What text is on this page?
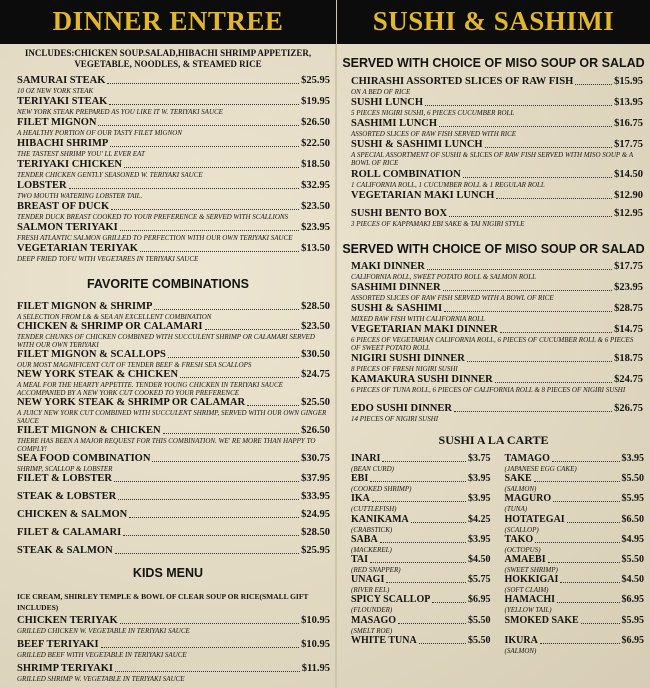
DINNER ENTREE
INCLUDES:CHICKEN SOUP.SALAD,HIBACHI SHRIMP APPETIZER, VEGETABLE, NOODLES, & STEAMED RICE
SAMURAI STEAK	$25.95
10 OZ NEW YORK STEAK
TERIYAKI STEAK	$19.95
NEW YORK STEAK PREPARED AS YOU LIKE IT W. TERIYAKI SAUCE
FILET MIGNON	$26.50
A HEALTHY PORTION OF OUR TASTY FILET MIGNON
HIBACHI SHRIMP	$22.50
THE TASTEST SHRIMP YOU' LL EVER EAT
TERIYAKI CHICKEN	$18.50
TENDER CHICKEN GENTLY SEASONED W. TERIYAKI SAUCE
LOBSTER	$32.95
TWO MOUTH WATERING LOBSTER TAIL.
BREAST OF DUCK	$23.50
TENDER DUCK BREAST COOKED TO YOUR PREFERENCE & SERVED WITH SCALLIONS
SALMON TERIYAKI	$23.95
FRESH ATLANTIC SALMON GRILLED TO PERFECTION WITH OUR OWN TERIYAKI SAUCE
VEGETARIAN TERIYAK	$13.50
DEEP FRIED TOFU WITH VEGETARES IN TERIYAKI SAUCE
FAVORITE COMBINATIONS
FILET MIGNON & SHRIMP	$28.50
A SELECTION FROM L& & SEA AN EXCELLENT COMBINATION
CHICKEN & SHRIMP OR CALAMARI	$23.50
TENDER CHUNKS OF CHICKEN COMBINED WITH SUCCULENT SHRIMP OR CALAMARI SERVED WITH OUR OWN TERIYAKI
FILET MIGNON & SCALLOPS	$30.50
OUR MOST MAGNIFICENT CUT OF TENDER BEEF & FRESH SEA SCALLOPS
NEW YORK STEAK & CHICKEN	$24.75
A MEAL FOR THE HEARTY APPETITE. TENDER YOUNG CHICKEN IN TERIYAKI SAUCE ACCOMPANIED BY A NEW YORK CUT COOKED TO YOUR PREFERENCE
NEW YORK STEAK & SHRIMP OR CALAMAR	$25.50
A JUICY NEW YORK CUT COMBINED WITH SUCCULENT SHRIMP, SERVED WITH OUR OWN GINGER SAUCE
FILET MIGNON & CHICKEN	$26.50
THERE HAS BEEN A MAJOR REQUEST FOR THIS COMBINATION. WE' RE MORE THAN HAPPY TO COMPLY!
SEA FOOD COMBINATION	$30.75
SHRIMP, SCALLOP & LOBSTER
FILET & LOBSTER	$37.95
STEAK & LOBSTER	$33.95
CHICKEN & SALMON	$24.95
FILET & CALAMARI	$28.50
STEAK & SALMON	$25.95
KIDS MENU
ICE CREAM, SHIRLEY TEMPLE & BOWL OF CLEAR SOUP OR RICE(SMALL GIFT INCLUDES)
CHICKEN TERIYAK	$10.95
GRILLED CHICKEN W. VEGETABLE IN TERIYAKI SAUCE
BEEF TERIYAKI	$10.95
GRILLED BEEF WITH VEGETABLE IN TERIYAKI SAUCE
SHRIMP TERIYAKI	$11.95
GRILLED SHRIMP W. VEGETABLE IN TERIYAKI SAUCE
SUSHI & SASHIMI
SERVED WITH CHOICE OF MISO SOUP OR SALAD
CHIRASHI ASSORTED SLICES OF RAW FISH	$15.95
ON A BED OF RICE
SUSHI LUNCH	$13.95
5 PIECES NIGIRI SUSHI, 6 PIECES CUCUMBER ROLL
SASHIMI LUNCH	$16.75
ASSORTED SLICES OF RAW FISH SERVED WITH RICE
SUSHI & SASHIMI LUNCH	$17.75
A SPECIAL ASSORTMENT OF SUSHI & SLICES OF RAW FISH SERVED WITH MISO SOUP & A BOWL OF RICE
ROLL COMBINATION	$14.50
1 CALIFORNIA ROLL, 1 CUCUMBER ROLL & 1 REGULAR ROLL
VEGETARIAN MAKI LUNCH	$12.90
SUSHI BENTO BOX	$12.95
3 PIECES OF KAPPAMAKI EBI SAKE & TAI NIGIRI STYLE
SERVED WITH CHOICE OF MISO SOUP OR SALAD
MAKI DINNER	$17.75
CALIFORNIA ROLL, SWEET POTATO ROLL & SALMON ROLL
SASHIMI DINNER	$23.95
ASSORTED SLICES OF RAW FISH SERVED WITH A BOWL OF RICE
SUSHI & SASHIMI	$28.75
MIXED RAW FISH WITH CALIFORNIA ROLL
VEGETARIAN MAKI DINNER	$14.75
6 PIECES OF VEGETARIAN CALIFORNIA ROLL, 6 PIECES OF CUCUMBER ROLL & 6 PIECES OF SWEET POTATO ROLL
NIGIRI SUSHI DINNER	$18.75
8 PIECES OF FRESH NIGIRI SUSHI
KAMAKURA SUSHI DINNER	$24.75
6 PIECES OF TUNA ROLL, 6 PIECES OF CALIFORNIA ROLL & 8 PIECES OF NIGIRI SUSHI
EDO SUSHI DINNER	$26.75
14 PIECES OF NIGIRI SUSHI
SUSHI A LA CARTE
INARI	$3.75
(BEAN CURD)
EBI	$3.95
(COOKED SHRIMP)
IKA	$3.95
(CUTTLEFISH)
KANIKAMA	$4.25
(CRABSTICK)
SABA	$3.95
(MACKEREL)
TAI	$4.50
(RED SNAPPER)
UNAGI	$5.75
(RIVER EEL)
SPICY SCALLOP	$6.95
(FLOUNDER)
MASAGO	$5.50
(SMELT ROE)
WHITE TUNA	$5.50
TAMAGO	$3.95
(JAPANESE EGG CAKE)
SAKE	$5.50
(SALMON)
MAGURO	$5.95
(TUNA)
HOTATEGAI	$6.50
(SCALLOP)
TAKO	$4.95
(OCTOPUS)
AMAEBI	$5.50
(SWEET SHRIMP)
HOKKIGAI	$4.50
(SOFT CLAIM)
HAMACHI	$6.95
(YELLOW TAIL)
SMOKED SAKE	$5.95
IKURA	$6.95
(SALMON)
